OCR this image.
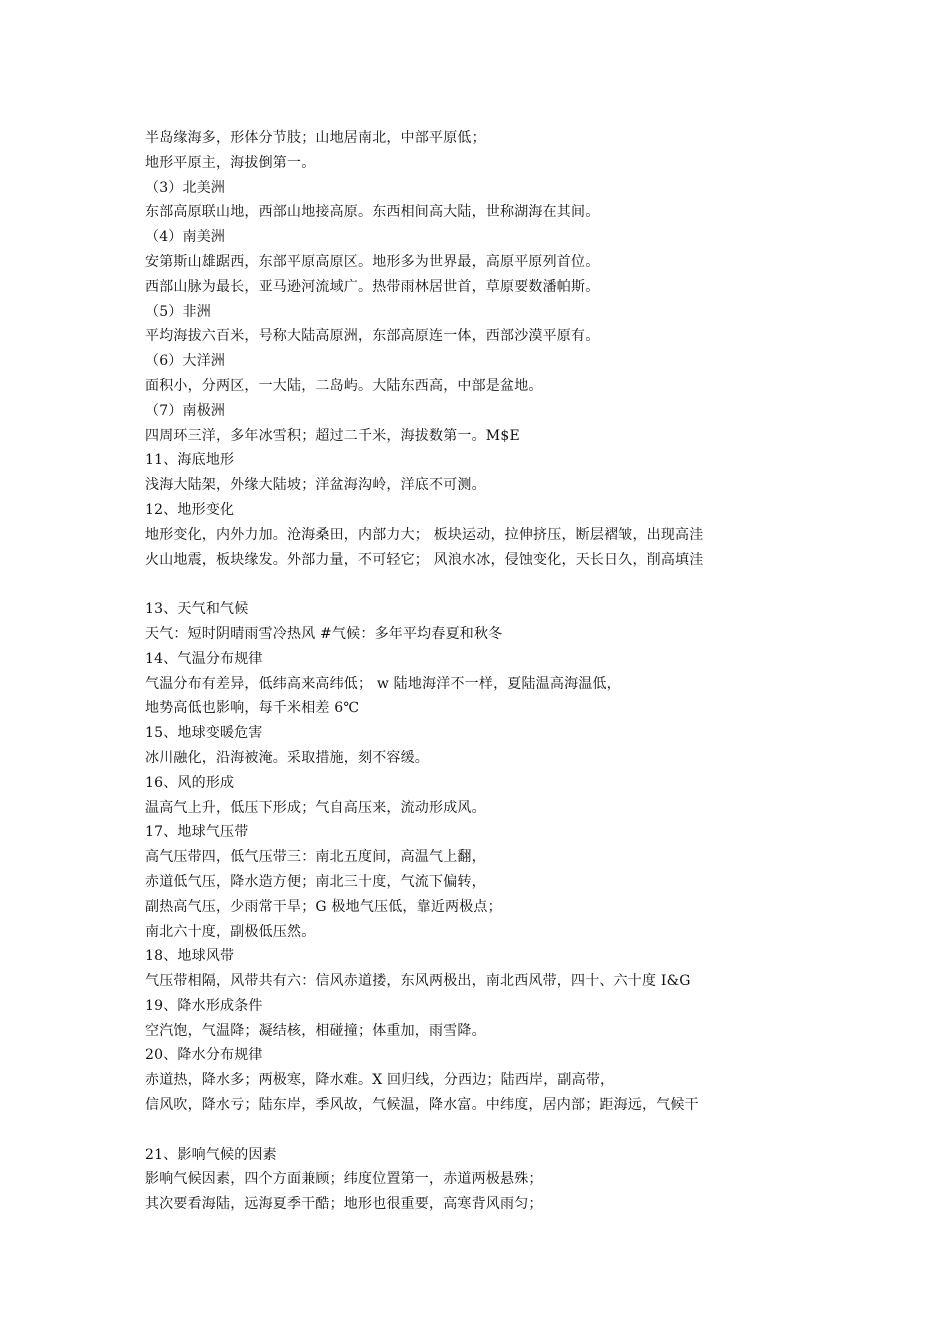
半岛缘海多，形体分节肢；山地居南北，中部平原低；
地形平原主，海拔倒第一。
（3）北美洲
东部高原联山地，西部山地接高原。东西相间高大陆，世称湖海在其间。
（4）南美洲
安第斯山雄踞西，东部平原高原区。地形多为世界最，高原平原列首位。
西部山脉为最长，亚马逊河流域广。热带雨林居世首，草原要数潘帕斯。
（5）非洲
平均海拔六百米，号称大陆高原洲，东部高原连一体，西部沙漠平原有。
（6）大洋洲
面积小，分两区，一大陆，二岛屿。大陆东西高，中部是盆地。
（7）南极洲
四周环三洋，多年冰雪积；超过二千米，海拔数第一。M$E
11、海底地形
浅海大陆架，外缘大陆坡；洋盆海沟岭，洋底不可测。
12、地形变化
地形变化，内外力加。沧海桑田，内部力大； 板块运动，拉伸挤压，断层褶皱，出现高洼
火山地震，板块缘发。外部力量，不可轻它； 风浪水冰，侵蚀变化，天长日久，削高填洼
13、天气和气候
天气：短时阴晴雨雪冷热风 #气候：多年平均春夏和秋冬
14、气温分布规律
气温分布有差异，低纬高来高纬低； w 陆地海洋不一样，夏陆温高海温低，
地势高低也影响，每千米相差 6℃
15、地球变暖危害
冰川融化，沿海被淹。采取措施，刻不容缓。
16、风的形成
温高气上升，低压下形成；气自高压来，流动形成风。
17、地球气压带
高气压带四，低气压带三：南北五度间，高温气上翻，
赤道低气压，降水造方便；南北三十度，气流下偏转，
副热高气压，少雨常干旱；G 极地气压低，靠近两极点；
南北六十度，副极低压然。
18、地球风带
气压带相隔，风带共有六：信风赤道搂，东风两极出，南北西风带，四十、六十度 I&G
19、降水形成条件
空汽饱，气温降；凝结核，相碰撞；体重加，雨雪降。
20、降水分布规律
赤道热，降水多；两极寒，降水难。X 回归线，分西边；陆西岸，副高带，
信风吹，降水亏；陆东岸，季风故，气候温，降水富。中纬度，居内部；距海远，气候干
21、影响气候的因素
影响气候因素，四个方面兼顾；纬度位置第一，赤道两极悬殊；
其次要看海陆，远海夏季干酷；地形也很重要，高寒背风雨匀；
